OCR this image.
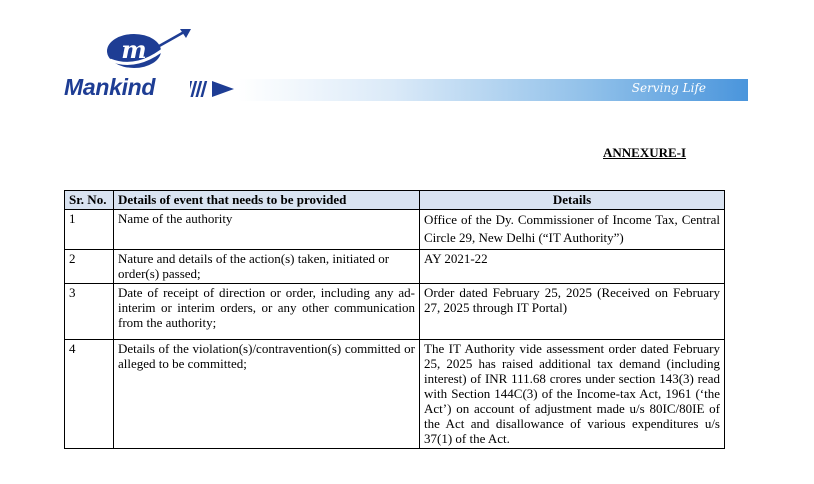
m
Mankind	Serving Life
ANNEXURE-I
Sr. No.	Details of event that needs to be provided	Details
1	Name of the authority	Office of the Dy. Commissioner of Income Tax, Central Circle 29, New Delhi (“IT Authority”)
2	Nature and details of the action(s) taken, initiated or order(s) passed;	AY 2021-22
3	Date of receipt of direction or order, including any ad-interim or interim orders, or any other communication from the authority;	Order dated February 25, 2025 (Received on February 27, 2025 through IT Portal)
4	Details of the violation(s)/contravention(s) committed or alleged to be committed;	The IT Authority vide assessment order dated February 25, 2025 has raised additional tax demand (including interest) of INR 111.68 crores under section 143(3) read with Section 144C(3) of the Income-tax Act, 1961 (‘the Act’) on account of adjustment made u/s 80IC/80IE of the Act and disallowance of various expenditures u/s 37(1) of the Act.
